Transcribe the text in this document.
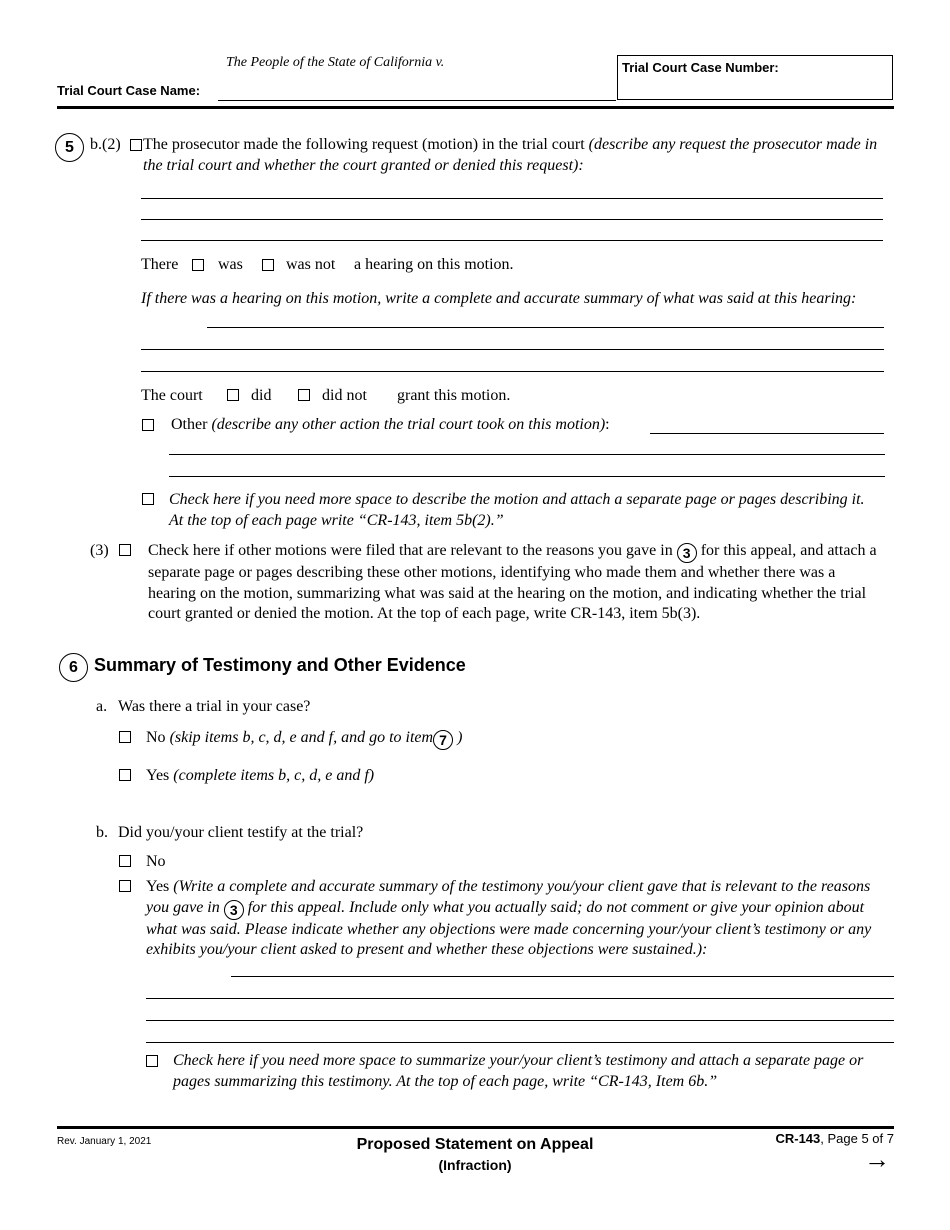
The People of the State of California v.
Trial Court Case Name:
Trial Court Case Number:
5	b.(2) The prosecutor made the following request (motion) in the trial court (describe any request the prosecutor made in the trial court and whether the court granted or denied this request):
There was	was not a hearing on this motion.
If there was a hearing on this motion, write a complete and accurate summary of what was said at this hearing:
The court	did	did not grant this motion.
Other (describe any other action the trial court took on this motion):
Check here if you need more space to describe the motion and attach a separate page or pages describing it. At the top of each page write “CR-143, item 5b(2).”
(3) Check here if other motions were filed that are relevant to the reasons you gave in 3 for this appeal, and attach a separate page or pages describing these other motions, identifying who made them and whether there was a hearing on the motion, summarizing what was said at the hearing on the motion, and indicating whether the trial court granted or denied the motion. At the top of each page, write CR-143, item 5b(3).
6 Summary of Testimony and Other Evidence
a. Was there a trial in your case?
No (skip items b, c, d, e and f, and go to item 7 )
Yes (complete items b, c, d, e and f)
b. Did you/your client testify at the trial?
No
Yes (Write a complete and accurate summary of the testimony you/your client gave that is relevant to the reasons you gave in 3 for this appeal. Include only what you actually said; do not comment or give your opinion about what was said. Please indicate whether any objections were made concerning your/your client’s testimony or any exhibits you/your client asked to present and whether these objections were sustained.):
Check here if you need more space to summarize your/your client’s testimony and attach a separate page or pages summarizing this testimony. At the top of each page, write “CR-143, Item 6b.”
Rev. January 1, 2021	Proposed Statement on Appeal
(Infraction)
CR-143, Page 5 of 7
→
